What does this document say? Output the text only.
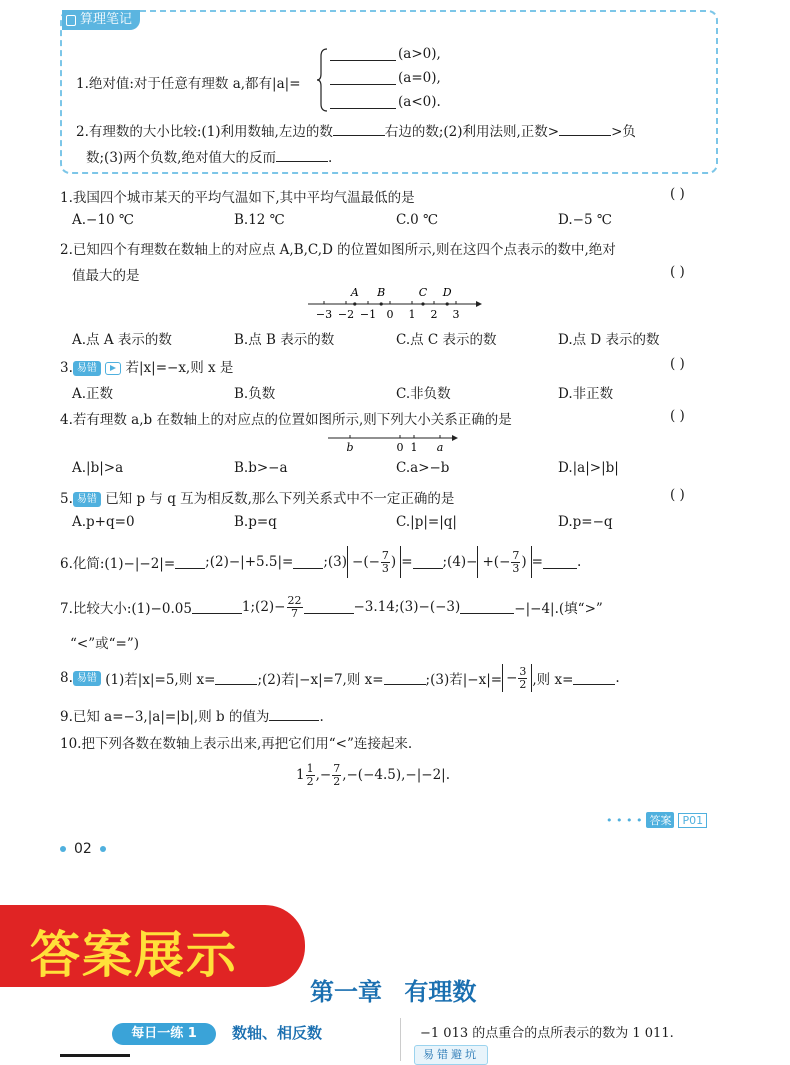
算理笔记
1.绝对值:对于任意有理数 a,都有|a|=
(a>0),
(a=0),
(a<0).
2.有理数的大小比较:(1)利用数轴,左边的数	右边的数;(2)利用法则,正数>	>负
数;(3)两个负数,绝对值大的反而	.
1.我国四个城市某天的平均气温如下,其中平均气温最低的是	( )
A.−10 ℃	B.12 ℃	C.0 ℃	D.−5 ℃
2.已知四个有理数在数轴上的对应点 A,B,C,D 的位置如图所示,则在这四个点表示的数中,绝对
值最大的是	( )
−3 −2 −1 0 1 2 3
A B	C D
A.点 A 表示的数	B.点 B 表示的数	C.点 C 表示的数	D.点 D 表示的数
3. 易错 若|x|=−x,则 x 是	( )
A.正数	B.负数	C.非负数	D.非正数
4.若有理数 a,b 在数轴上的对应点的位置如图所示,则下列大小关系正确的是	( )
b	0 1 a
A.|b|>a	B.b>−a	C.a>−b	D.|a|>|b|
5. 易错 已知 p 与 q 互为相反数,那么下列关系式中不一定正确的是	( )
A.p+q=0	B.p=q	C.|p|=|q|	D.p=−q
6.化简:(1)−|−2|= ;(2)−|+5.5|= ;(3) −(− $\frac{7}{3}$ ) = ;(4)− +(− $\frac{7}{3}$ ) =	.
7.比较大小:(1)−0.05	1;(2)− $\frac{22}{7}$	−3.14;(3)−(−3)	−|−4|.(填“>”
“<”或“=”)
8. 易错
(1)若|x|=5,则 x=	;(2)若|−x|=7,则 x=	;(3)若$|-x|= - \frac{3}{2}$ ,则 x=	.
9.已知 a=−3,|a|=|b|,则 b 的值为	.
10.把下列各数在数轴上表示出来,再把它们用“<”连接起来.
$1 \frac{1}{2}$ ,− $\frac{7}{2} ,-(-4.5),-|-2|$.
• • • • 答案	P01
02
第一章 有理数
答案展示
每日一练 1	数轴、相反数	−1 013 的点重合的点所表示的数为 1 011.
易错避坑
